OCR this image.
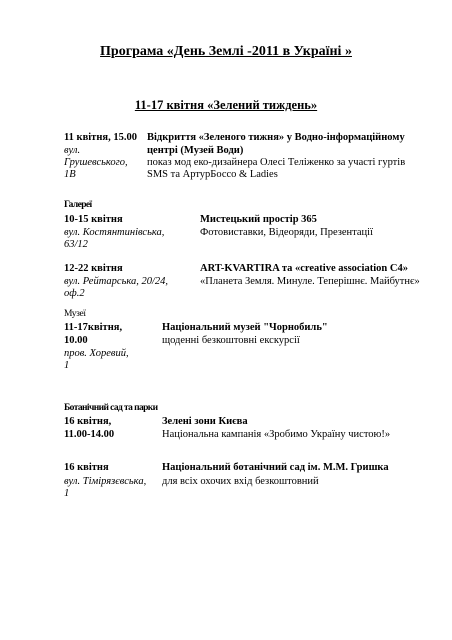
Програма «День Землі -2011 в Україні »
11-17 квітня «Зелений тиждень»
11 квітня, 15.00
вул.
Грушевського,
1В
Відкриття «Зеленого тижня» у Водно-інформаційному
центрі (Музей Води)
показ мод еко-дизайнера Олесі Теліженко за участі гуртів
SMS та АртурБоссо & Ladies
Галереї
10-15 квітня
вул. Костянтинівська,
63/12
Мистецький простір 365
Фотовиставки, Відеоряди, Презентації
12-22 квітня
вул. Рейтарська, 20/24,
оф.2
ART-KVARTIRA та «creative association C4»
«Планета Земля. Минуле. Теперішнє. Майбутнє»
Музеї
11-17квітня,
10.00
пров. Хоревий,
1
Національний музей "Чорнобиль"
щоденні безкоштовні екскурсії
Ботанічний сад та парки
16 квітня,
11.00-14.00
Зелені зони Києва
Національна кампанія «Зробимо Україну чистою!»
16 квітня
вул. Тімірязєвська,
1
Національний ботанічний сад ім. М.М. Гришка
для всіх охочих вхід безкоштовний
